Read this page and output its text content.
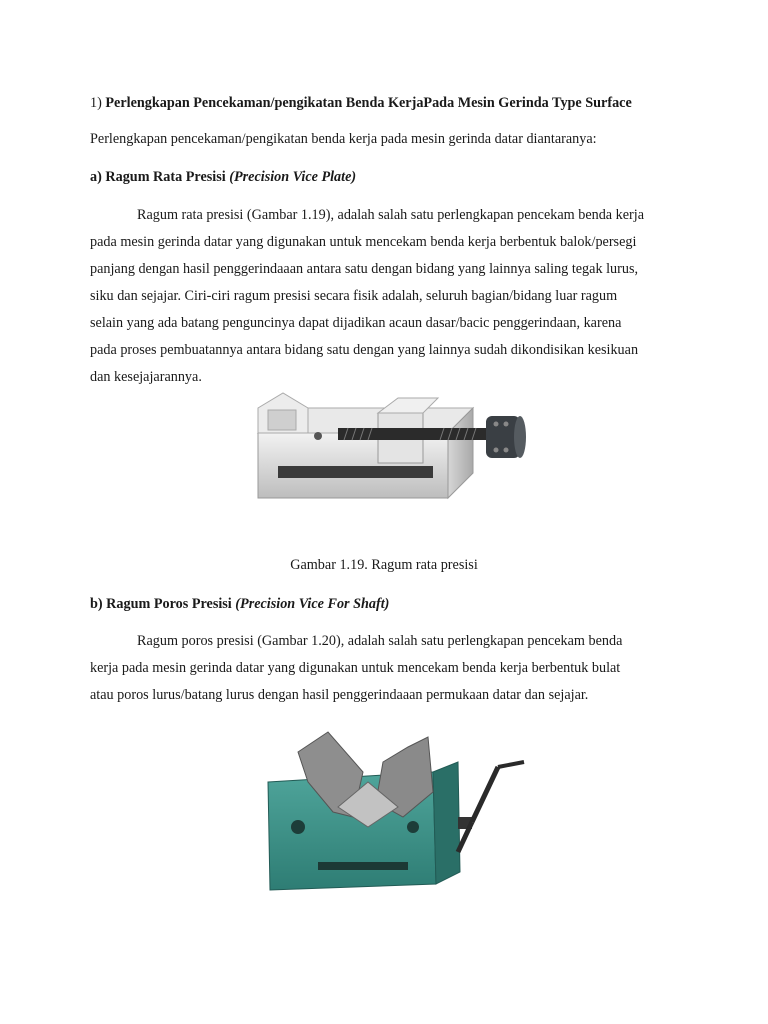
1) Perlengkapan Pencekaman/pengikatan Benda KerjaPada Mesin Gerinda Type Surface
Perlengkapan pencekaman/pengikatan benda kerja pada mesin gerinda datar diantaranya:
a) Ragum Rata Presisi (Precision Vice Plate)
Ragum rata presisi (Gambar 1.19), adalah salah satu perlengkapan pencekam benda kerja
pada mesin gerinda datar yang digunakan untuk mencekam benda kerja berbentuk balok/persegi
panjang dengan hasil penggerindaaan antara satu dengan bidang yang lainnya saling tegak lurus,
siku dan sejajar. Ciri-ciri ragum presisi secara fisik adalah, seluruh bagian/bidang luar ragum
selain yang ada batang penguncinya dapat dijadikan acaun dasar/bacic penggerindaan, karena
pada proses pembuatannya antara bidang satu dengan yang lainnya sudah dikondisikan kesikuan
dan kesejajarannya.
Gambar 1.19. Ragum rata presisi
b) Ragum Poros Presisi (Precision Vice For Shaft)
Ragum poros presisi (Gambar 1.20), adalah salah satu perlengkapan pencekam benda
kerja pada mesin gerinda datar yang digunakan untuk mencekam benda kerja berbentuk bulat
atau poros lurus/batang lurus dengan hasil penggerindaaan permukaan datar dan sejajar.
